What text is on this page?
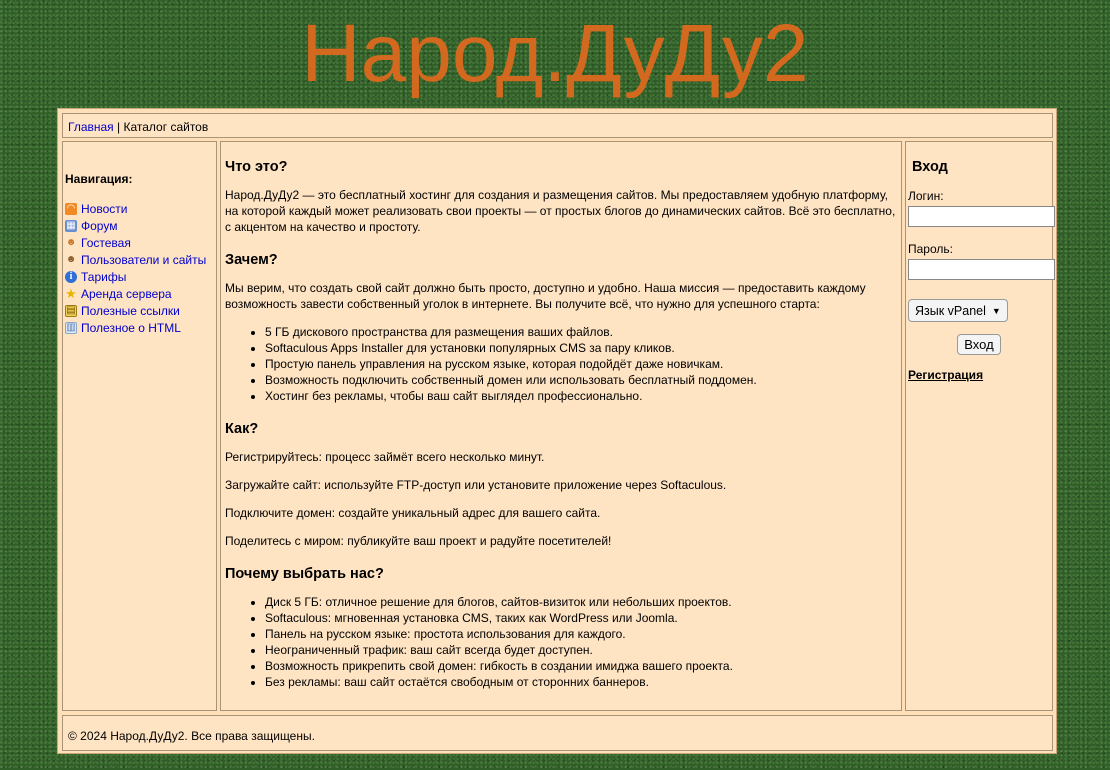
Народ.ДуДу2
Главная | Каталог сайтов
Навигация:
◠ Новости
▦ Форум
☻ Гостевая
☻ Пользователи и сайты
i Тарифы
★ Аренда сервера
▤ Полезные ссылки
▥ Полезное о HTML
Что это?

Народ.ДуДу2 — это бесплатный хостинг для создания и размещения сайтов. Мы предоставляем удобную платформу, на которой каждый может реализовать свои проекты — от простых блогов до динамических сайтов. Всё это бесплатно, с акцентом на качество и простоту.

Зачем?

Мы верим, что создать свой сайт должно быть просто, доступно и удобно. Наша миссия — предоставить каждому возможность завести собственный уголок в интернете. Вы получите всё, что нужно для успешного старта:

• 5 ГБ дискового пространства для размещения ваших файлов.
• Softaculous Apps Installer для установки популярных CMS за пару кликов.
• Простую панель управления на русском языке, которая подойдёт даже новичкам.
• Возможность подключить собственный домен или использовать бесплатный поддомен.
• Хостинг без рекламы, чтобы ваш сайт выглядел профессионально.
Как?

Регистрируйтесь: процесс займёт всего несколько минут.

Загружайте сайт: используйте FTP-доступ или установите приложение через Softaculous.

Подключите домен: создайте уникальный адрес для вашего сайта.

Поделитесь с миром: публикуйте ваш проект и радуйте посетителей!

Почему выбрать нас?
• Диск 5 ГБ: отличное решение для блогов, сайтов-визиток или небольших проектов.
• Softaculous: мгновенная установка CMS, таких как WordPress или Joomla.
• Панель на русском языке: простота использования для каждого.
• Неограниченный трафик: ваш сайт всегда будет доступен.
• Возможность прикрепить свой домен: гибкость в создании имиджа вашего проекта.
• Без рекламы: ваш сайт остаётся свободным от сторонних баннеров.
Вход
Логин:
Пароль:

Язык vPanel ▼
Вход
Регистрация
© 2024 Народ.ДуДу2. Все права защищены.
